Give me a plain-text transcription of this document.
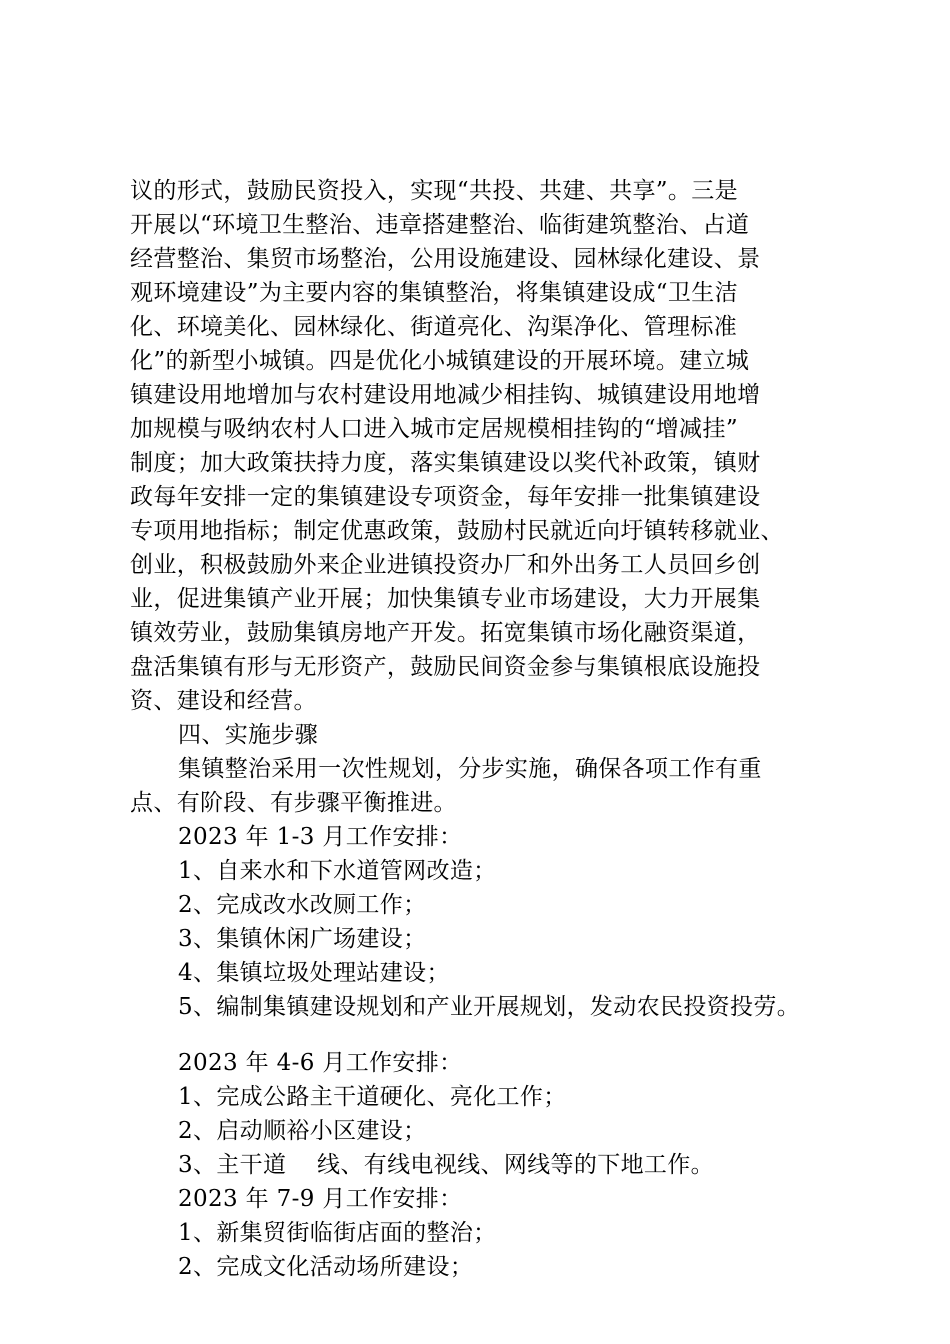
议的形式，鼓励民资投入，实现“共投、共建、共享”。三是
开展以“环境卫生整治、违章搭建整治、临街建筑整治、占道
经营整治、集贸市场整治，公用设施建设、园林绿化建设、景
观环境建设”为主要内容的集镇整治，将集镇建设成“卫生洁
化、环境美化、园林绿化、街道亮化、沟渠净化、管理标准
化”的新型小城镇。四是优化小城镇建设的开展环境。建立城
镇建设用地增加与农村建设用地减少相挂钩、城镇建设用地增
加规模与吸纳农村人口进入城市定居规模相挂钩的“增减挂”
制度；加大政策扶持力度，落实集镇建设以奖代补政策，镇财
政每年安排一定的集镇建设专项资金，每年安排一批集镇建设
专项用地指标；制定优惠政策，鼓励村民就近向圩镇转移就业、
创业，积极鼓励外来企业进镇投资办厂和外出务工人员回乡创
业，促进集镇产业开展；加快集镇专业市场建设，大力开展集
镇效劳业，鼓励集镇房地产开发。拓宽集镇市场化融资渠道，
盘活集镇有形与无形资产，鼓励民间资金参与集镇根底设施投
资、建设和经营。
四、实施步骤
集镇整治采用一次性规划，分步实施，确保各项工作有重
点、有阶段、有步骤平衡推进。
2023 年 1-3 月工作安排：
1、自来水和下水道管网改造；
2、完成改水改厕工作；
3、集镇休闲广场建设；
4、集镇垃圾处理站建设；
5、编制集镇建设规划和产业开展规划，发动农民投资投劳。
2023 年 4-6 月工作安排：
1、完成公路主干道硬化、亮化工作；
2、启动顺裕小区建设；
3、主干道    线、有线电视线、网线等的下地工作。
2023 年 7-9 月工作安排：
1、新集贸街临街店面的整治；
2、完成文化活动场所建设；
